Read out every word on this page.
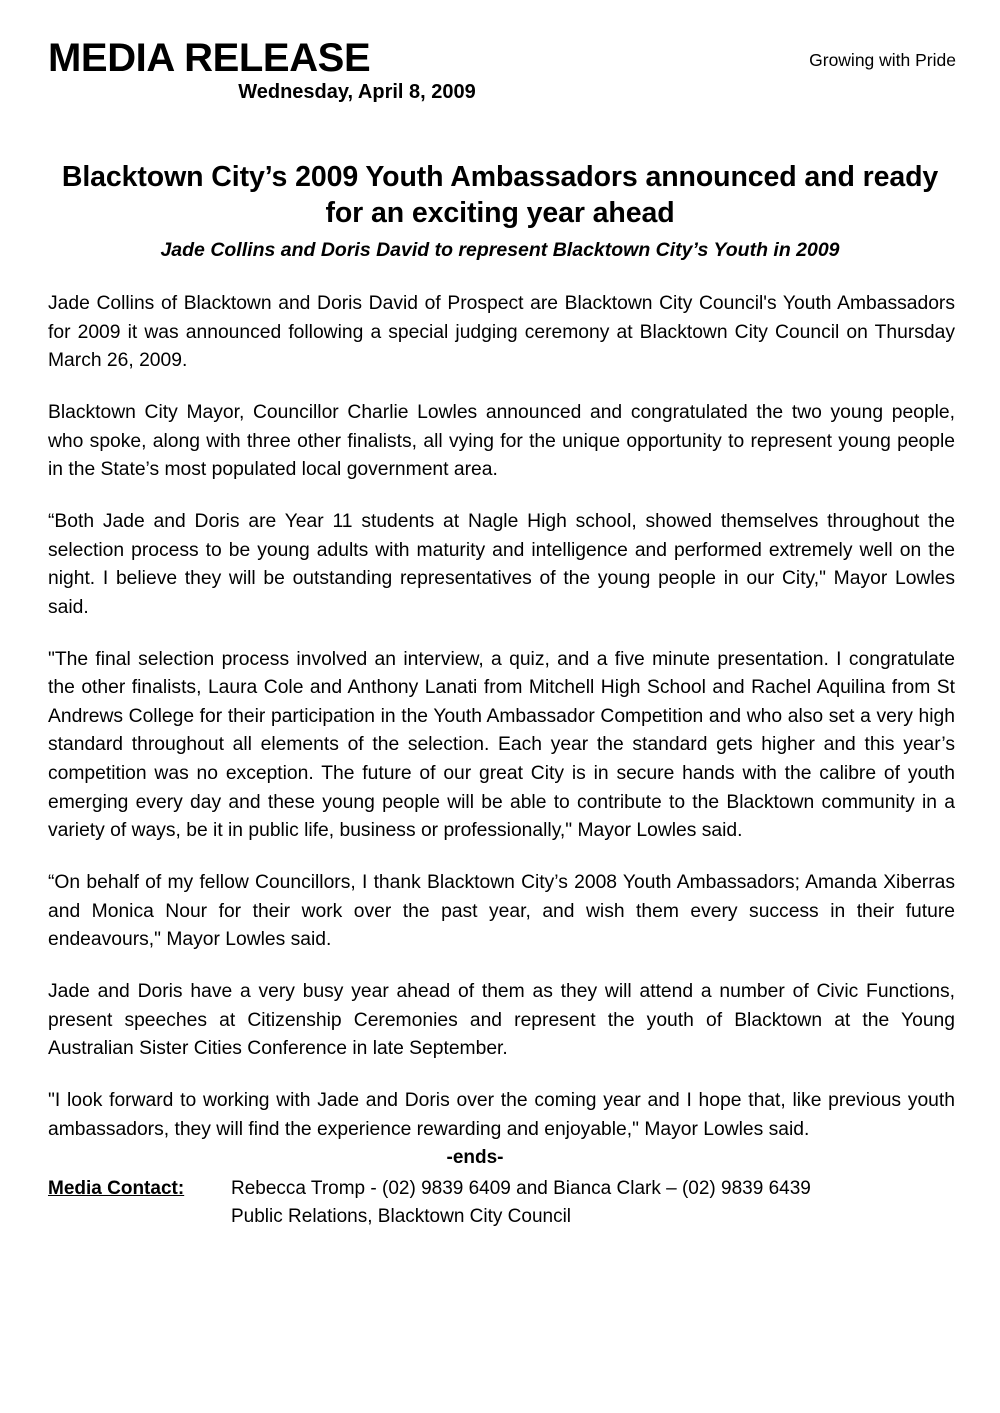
MEDIA RELEASE	Growing with Pride
Wednesday, April 8, 2009
Blacktown City’s 2009 Youth Ambassadors announced and ready for an exciting year ahead
Jade Collins and Doris David to represent Blacktown City’s Youth in 2009

Jade Collins of Blacktown and Doris David of Prospect are Blacktown City Council's Youth Ambassadors for 2009 it was announced following a special judging ceremony at Blacktown City Council on Thursday March 26, 2009.

Blacktown City Mayor, Councillor Charlie Lowles announced and congratulated the two young people, who spoke, along with three other finalists, all vying for the unique opportunity to represent young people in the State’s most populated local government area.

“Both Jade and Doris are Year 11 students at Nagle High school, showed themselves throughout the selection process to be young adults with maturity and intelligence and performed extremely well on the night. I believe they will be outstanding representatives of the young people in our City," Mayor Lowles said.

"The final selection process involved an interview, a quiz, and a five minute presentation. I congratulate the other finalists, Laura Cole and Anthony Lanati from Mitchell High School and Rachel Aquilina from St Andrews College for their participation in the Youth Ambassador Competition and who also set a very high standard throughout all elements of the selection. Each year the standard gets higher and this year’s competition was no exception. The future of our great City is in secure hands with the calibre of youth emerging every day and these young people will be able to contribute to the Blacktown community in a variety of ways, be it in public life, business or professionally," Mayor Lowles said.

“On behalf of my fellow Councillors, I thank Blacktown City’s 2008 Youth Ambassadors; Amanda Xiberras and Monica Nour for their work over the past year, and wish them every success in their future endeavours," Mayor Lowles said.

Jade and Doris have a very busy year ahead of them as they will attend a number of Civic Functions, present speeches at Citizenship Ceremonies and represent the youth of Blacktown at the Young Australian Sister Cities Conference in late September.

"I look forward to working with Jade and Doris over the coming year and I hope that, like previous youth ambassadors, they will find the experience rewarding and enjoyable," Mayor Lowles said.

-ends-
Media Contact:	Rebecca Tromp - (02) 9839 6409 and Bianca Clark – (02) 9839 6439
Public Relations, Blacktown City Council
